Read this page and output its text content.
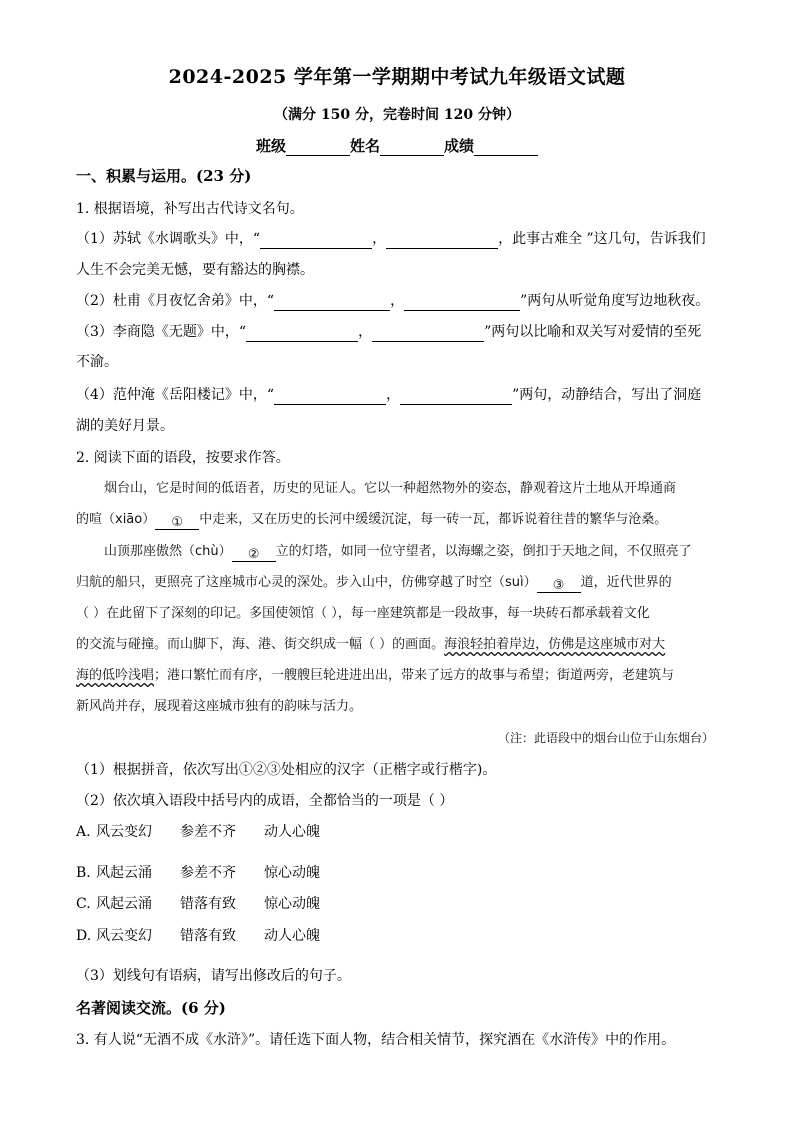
2024-2025 学年第一学期期中考试九年级语文试题
（满分 150 分，完卷时间 120 分钟）
班级	姓名	成绩
一、积累与运用。(23 分)
1. 根据语境，补写出古代诗文名句。
（1）苏轼《水调歌头》中，“	，	，此事古难全 ”这几句，告诉我们
人生不会完美无憾，要有豁达的胸襟。
（2）杜甫《月夜忆舍弟》中，“	，	”两句从听觉角度写边地秋夜。
（3）李商隐《无题》中，“	，	”两句以比喻和双关写对爱情的至死
不渝。
（4）范仲淹《岳阳楼记》中，“	，	”两句，动静结合，写出了洞庭
湖的美好月景。
2. 阅读下面的语段，按要求作答。
烟台山，它是时间的低语者，历史的见证人。它以一种超然物外的姿态，静观着这片土地从开埠通商
的喧（xiāo） ① 中走来，又在历史的长河中缓缓沉淀，每一砖一瓦，都诉说着往昔的繁华与沧桑。
山顶那座傲然（chù） ② 立的灯塔，如同一位守望者，以海螺之姿，倒扣于天地之间，不仅照亮了
归航的船只，更照亮了这座城市心灵的深处。步入山中，仿佛穿越了时空（suì） ③ 道，近代世界的
（ ）在此留下了深刻的印记。多国使领馆（ ），每一座建筑都是一段故事，每一块砖石都承载着文化
的交流与碰撞。而山脚下，海、港、街交织成一幅（ ）的画面。海浪轻拍着岸边，仿佛是这座城市对大
海的低吟浅唱；港口繁忙而有序，一艘艘巨轮进进出出，带来了远方的故事与希望；街道两旁，老建筑与
新风尚并存，展现着这座城市独有的韵味与活力。
（注：此语段中的烟台山位于山东烟台）
（1）根据拼音，依次写出①②③处相应的汉字（正楷字或行楷字)。
（2）依次填入语段中括号内的成语，全都恰当的一项是（ ）
A. 风云变幻 参差不齐 动人心魄
B. 风起云涌 参差不齐 惊心动魄
C. 风起云涌 错落有致 惊心动魄
D. 风云变幻 错落有致 动人心魄
（3）划线句有语病，请写出修改后的句子。
名著阅读交流。(6 分)
3. 有人说“无酒不成《水浒》”。请任选下面人物，结合相关情节，探究酒在《水浒传》中的作用。
